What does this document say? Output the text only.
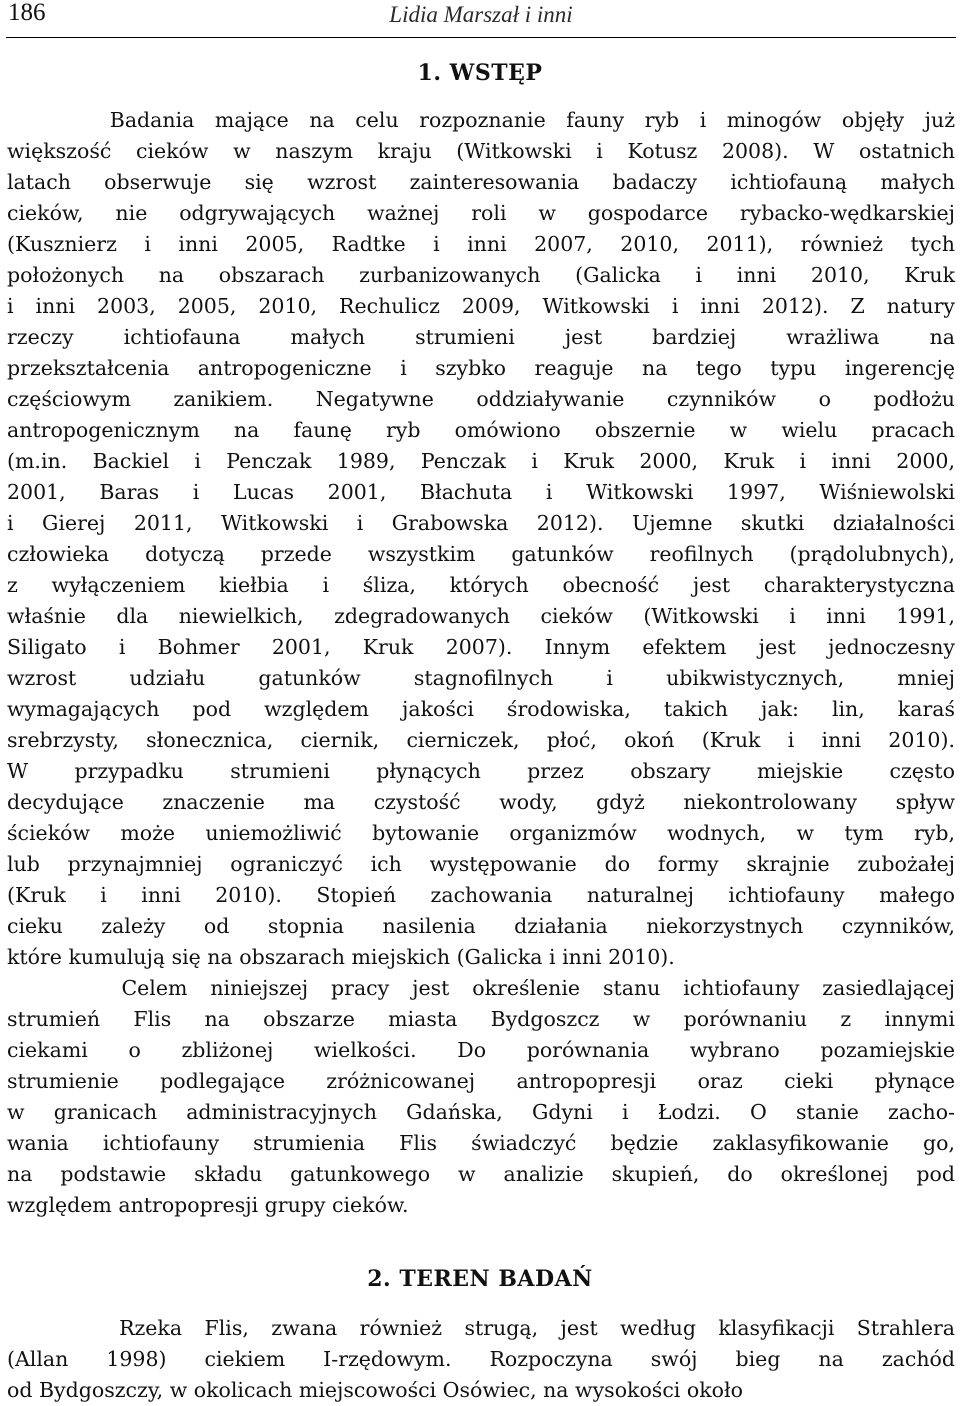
186	Lidia Marszał i inni
1. WSTĘP
Badania mające na celu rozpoznanie fauny ryb i minogów objęły już
większość cieków w naszym kraju (Witkowski i Kotusz 2008). W ostatnich
latach obserwuje się wzrost zainteresowania badaczy ichtiofauną małych
cieków, nie odgrywających ważnej roli w gospodarce rybacko-wędkarskiej
(Kusznierz i inni 2005, Radtke i inni 2007, 2010, 2011), również tych
położonych na obszarach zurbanizowanych (Galicka i inni 2010, Kruk
i inni 2003, 2005, 2010, Rechulicz 2009, Witkowski i inni 2012). Z natury
rzeczy ichtiofauna małych strumieni jest bardziej wrażliwa na
przekształcenia antropogeniczne i szybko reaguje na tego typu ingerencję
częściowym zanikiem. Negatywne oddziaływanie czynników o podłożu
antropogenicznym na faunę ryb omówiono obszernie w wielu pracach
(m.in. Backiel i Penczak 1989, Penczak i Kruk 2000, Kruk i inni 2000,
2001, Baras i Lucas 2001, Błachuta i Witkowski 1997, Wiśniewolski
i Gierej 2011, Witkowski i Grabowska 2012). Ujemne skutki działalności
człowieka dotyczą przede wszystkim gatunków reofilnych (prądolubnych),
z wyłączeniem kiełbia i śliza, których obecność jest charakterystyczna
właśnie dla niewielkich, zdegradowanych cieków (Witkowski i inni 1991,
Siligato i Bohmer 2001, Kruk 2007). Innym efektem jest jednoczesny
wzrost udziału gatunków stagnofilnych i ubikwistycznych, mniej
wymagających pod względem jakości środowiska, takich jak: lin, karaś
srebrzysty, słonecznica, ciernik, cierniczek, płoć, okoń (Kruk i inni 2010).
W przypadku strumieni płynących przez obszary miejskie często
decydujące znaczenie ma czystość wody, gdyż niekontrolowany spływ
ścieków może uniemożliwić bytowanie organizmów wodnych, w tym ryb,
lub przynajmniej ograniczyć ich występowanie do formy skrajnie zubożałej
(Kruk i inni 2010). Stopień zachowania naturalnej ichtiofauny małego
cieku zależy od stopnia nasilenia działania niekorzystnych czynników,
które kumulują się na obszarach miejskich (Galicka i inni 2010).
Celem niniejszej pracy jest określenie stanu ichtiofauny zasiedlającej
strumień Flis na obszarze miasta Bydgoszcz w porównaniu z innymi
ciekami o zbliżonej wielkości. Do porównania wybrano pozamiejskie
strumienie podlegające zróżnicowanej antropopresji oraz cieki płynące
w granicach administracyjnych Gdańska, Gdyni i Łodzi. O stanie zacho-
wania ichtiofauny strumienia Flis świadczyć będzie zaklasyfikowanie go,
na podstawie składu gatunkowego w analizie skupień, do określonej pod
względem antropopresji grupy cieków.
2. TEREN BADAŃ
Rzeka Flis, zwana również strugą, jest według klasyfikacji Strahlera
(Allan 1998) ciekiem I-rzędowym. Rozpoczyna swój bieg na zachód
od Bydgoszczy, w okolicach miejscowości Osówiec, na wysokości około
